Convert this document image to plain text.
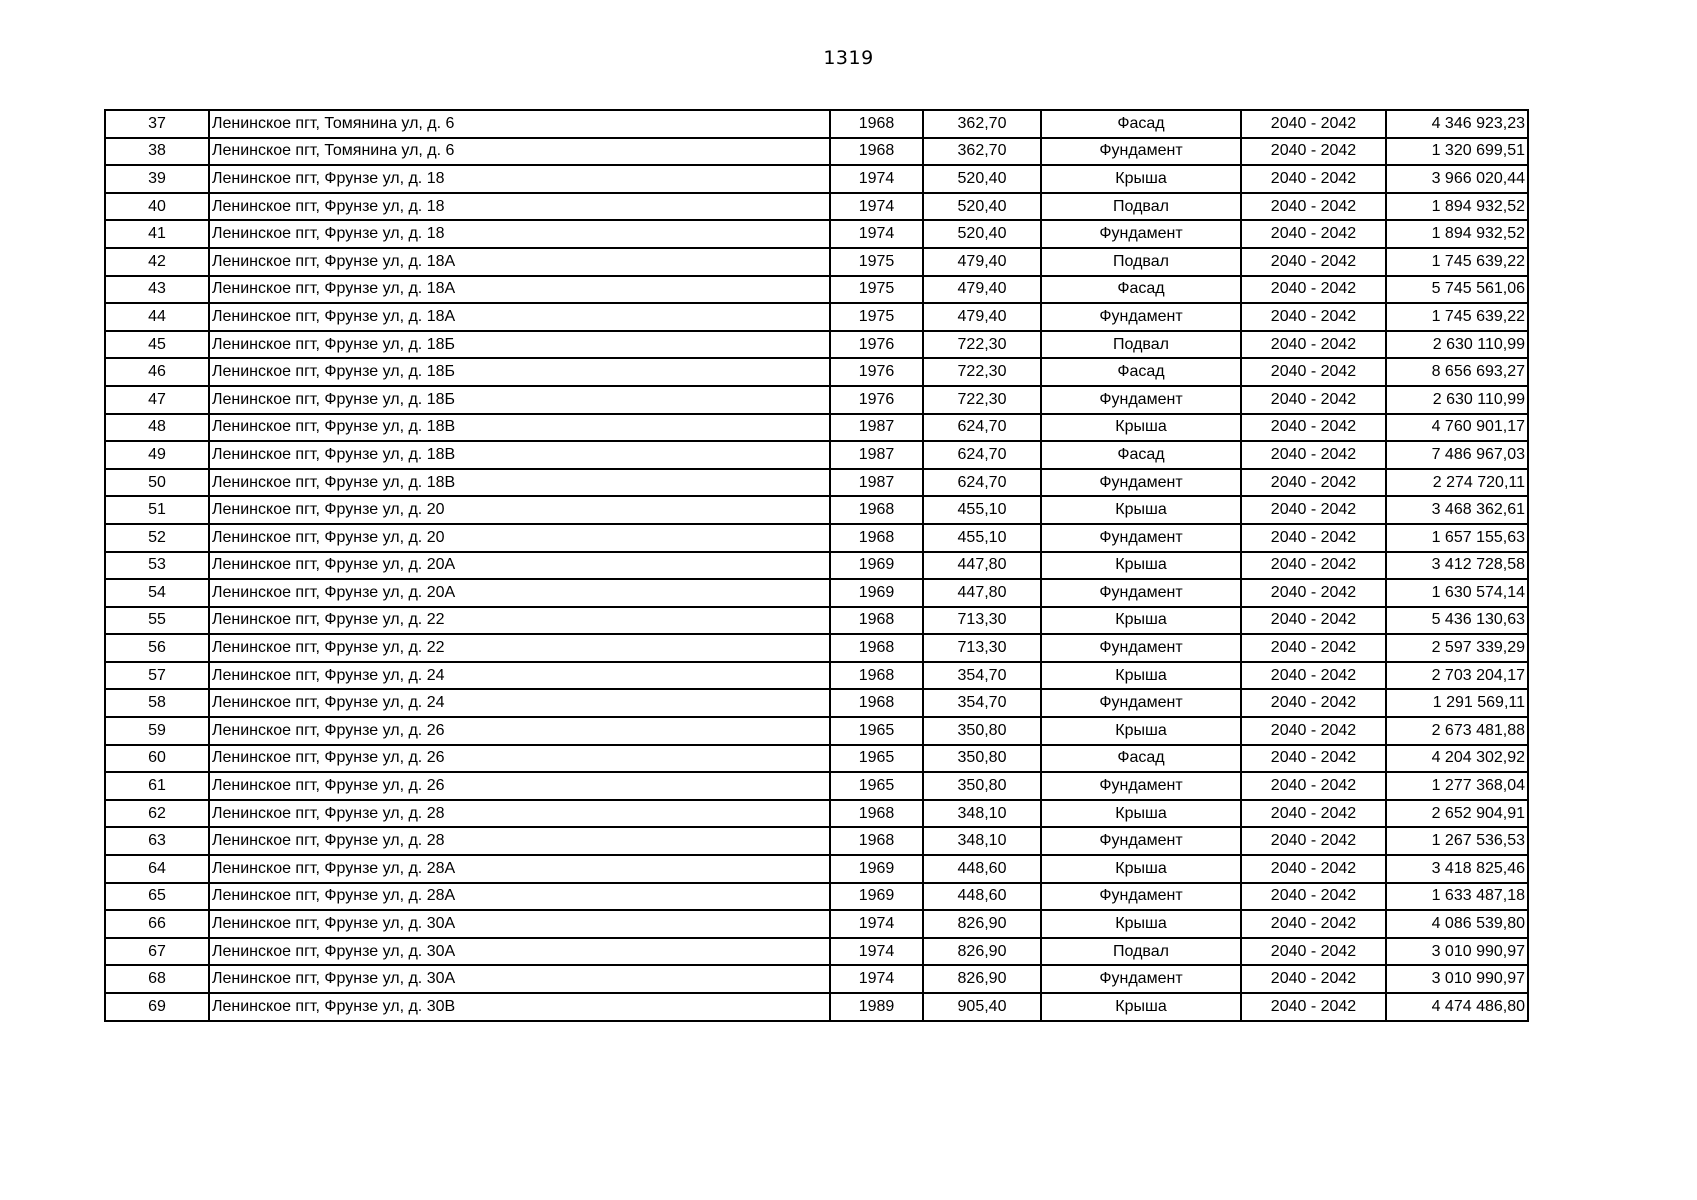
1319
37	Ленинское пгт, Томянина ул, д. 6	1968	362,70	Фасад	2040 - 2042	4 346 923,23
38	Ленинское пгт, Томянина ул, д. 6	1968	362,70	Фундамент	2040 - 2042	1 320 699,51
39	Ленинское пгт, Фрунзе ул, д. 18	1974	520,40	Крыша	2040 - 2042	3 966 020,44
40	Ленинское пгт, Фрунзе ул, д. 18	1974	520,40	Подвал	2040 - 2042	1 894 932,52
41	Ленинское пгт, Фрунзе ул, д. 18	1974	520,40	Фундамент	2040 - 2042	1 894 932,52
42	Ленинское пгт, Фрунзе ул, д. 18А	1975	479,40	Подвал	2040 - 2042	1 745 639,22
43	Ленинское пгт, Фрунзе ул, д. 18А	1975	479,40	Фасад	2040 - 2042	5 745 561,06
44	Ленинское пгт, Фрунзе ул, д. 18А	1975	479,40	Фундамент	2040 - 2042	1 745 639,22
45	Ленинское пгт, Фрунзе ул, д. 18Б	1976	722,30	Подвал	2040 - 2042	2 630 110,99
46	Ленинское пгт, Фрунзе ул, д. 18Б	1976	722,30	Фасад	2040 - 2042	8 656 693,27
47	Ленинское пгт, Фрунзе ул, д. 18Б	1976	722,30	Фундамент	2040 - 2042	2 630 110,99
48	Ленинское пгт, Фрунзе ул, д. 18В	1987	624,70	Крыша	2040 - 2042	4 760 901,17
49	Ленинское пгт, Фрунзе ул, д. 18В	1987	624,70	Фасад	2040 - 2042	7 486 967,03
50	Ленинское пгт, Фрунзе ул, д. 18В	1987	624,70	Фундамент	2040 - 2042	2 274 720,11
51	Ленинское пгт, Фрунзе ул, д. 20	1968	455,10	Крыша	2040 - 2042	3 468 362,61
52	Ленинское пгт, Фрунзе ул, д. 20	1968	455,10	Фундамент	2040 - 2042	1 657 155,63
53	Ленинское пгт, Фрунзе ул, д. 20А	1969	447,80	Крыша	2040 - 2042	3 412 728,58
54	Ленинское пгт, Фрунзе ул, д. 20А	1969	447,80	Фундамент	2040 - 2042	1 630 574,14
55	Ленинское пгт, Фрунзе ул, д. 22	1968	713,30	Крыша	2040 - 2042	5 436 130,63
56	Ленинское пгт, Фрунзе ул, д. 22	1968	713,30	Фундамент	2040 - 2042	2 597 339,29
57	Ленинское пгт, Фрунзе ул, д. 24	1968	354,70	Крыша	2040 - 2042	2 703 204,17
58	Ленинское пгт, Фрунзе ул, д. 24	1968	354,70	Фундамент	2040 - 2042	1 291 569,11
59	Ленинское пгт, Фрунзе ул, д. 26	1965	350,80	Крыша	2040 - 2042	2 673 481,88
60	Ленинское пгт, Фрунзе ул, д. 26	1965	350,80	Фасад	2040 - 2042	4 204 302,92
61	Ленинское пгт, Фрунзе ул, д. 26	1965	350,80	Фундамент	2040 - 2042	1 277 368,04
62	Ленинское пгт, Фрунзе ул, д. 28	1968	348,10	Крыша	2040 - 2042	2 652 904,91
63	Ленинское пгт, Фрунзе ул, д. 28	1968	348,10	Фундамент	2040 - 2042	1 267 536,53
64	Ленинское пгт, Фрунзе ул, д. 28А	1969	448,60	Крыша	2040 - 2042	3 418 825,46
65	Ленинское пгт, Фрунзе ул, д. 28А	1969	448,60	Фундамент	2040 - 2042	1 633 487,18
66	Ленинское пгт, Фрунзе ул, д. 30А	1974	826,90	Крыша	2040 - 2042	4 086 539,80
67	Ленинское пгт, Фрунзе ул, д. 30А	1974	826,90	Подвал	2040 - 2042	3 010 990,97
68	Ленинское пгт, Фрунзе ул, д. 30А	1974	826,90	Фундамент	2040 - 2042	3 010 990,97
69	Ленинское пгт, Фрунзе ул, д. 30В	1989	905,40	Крыша	2040 - 2042	4 474 486,80
